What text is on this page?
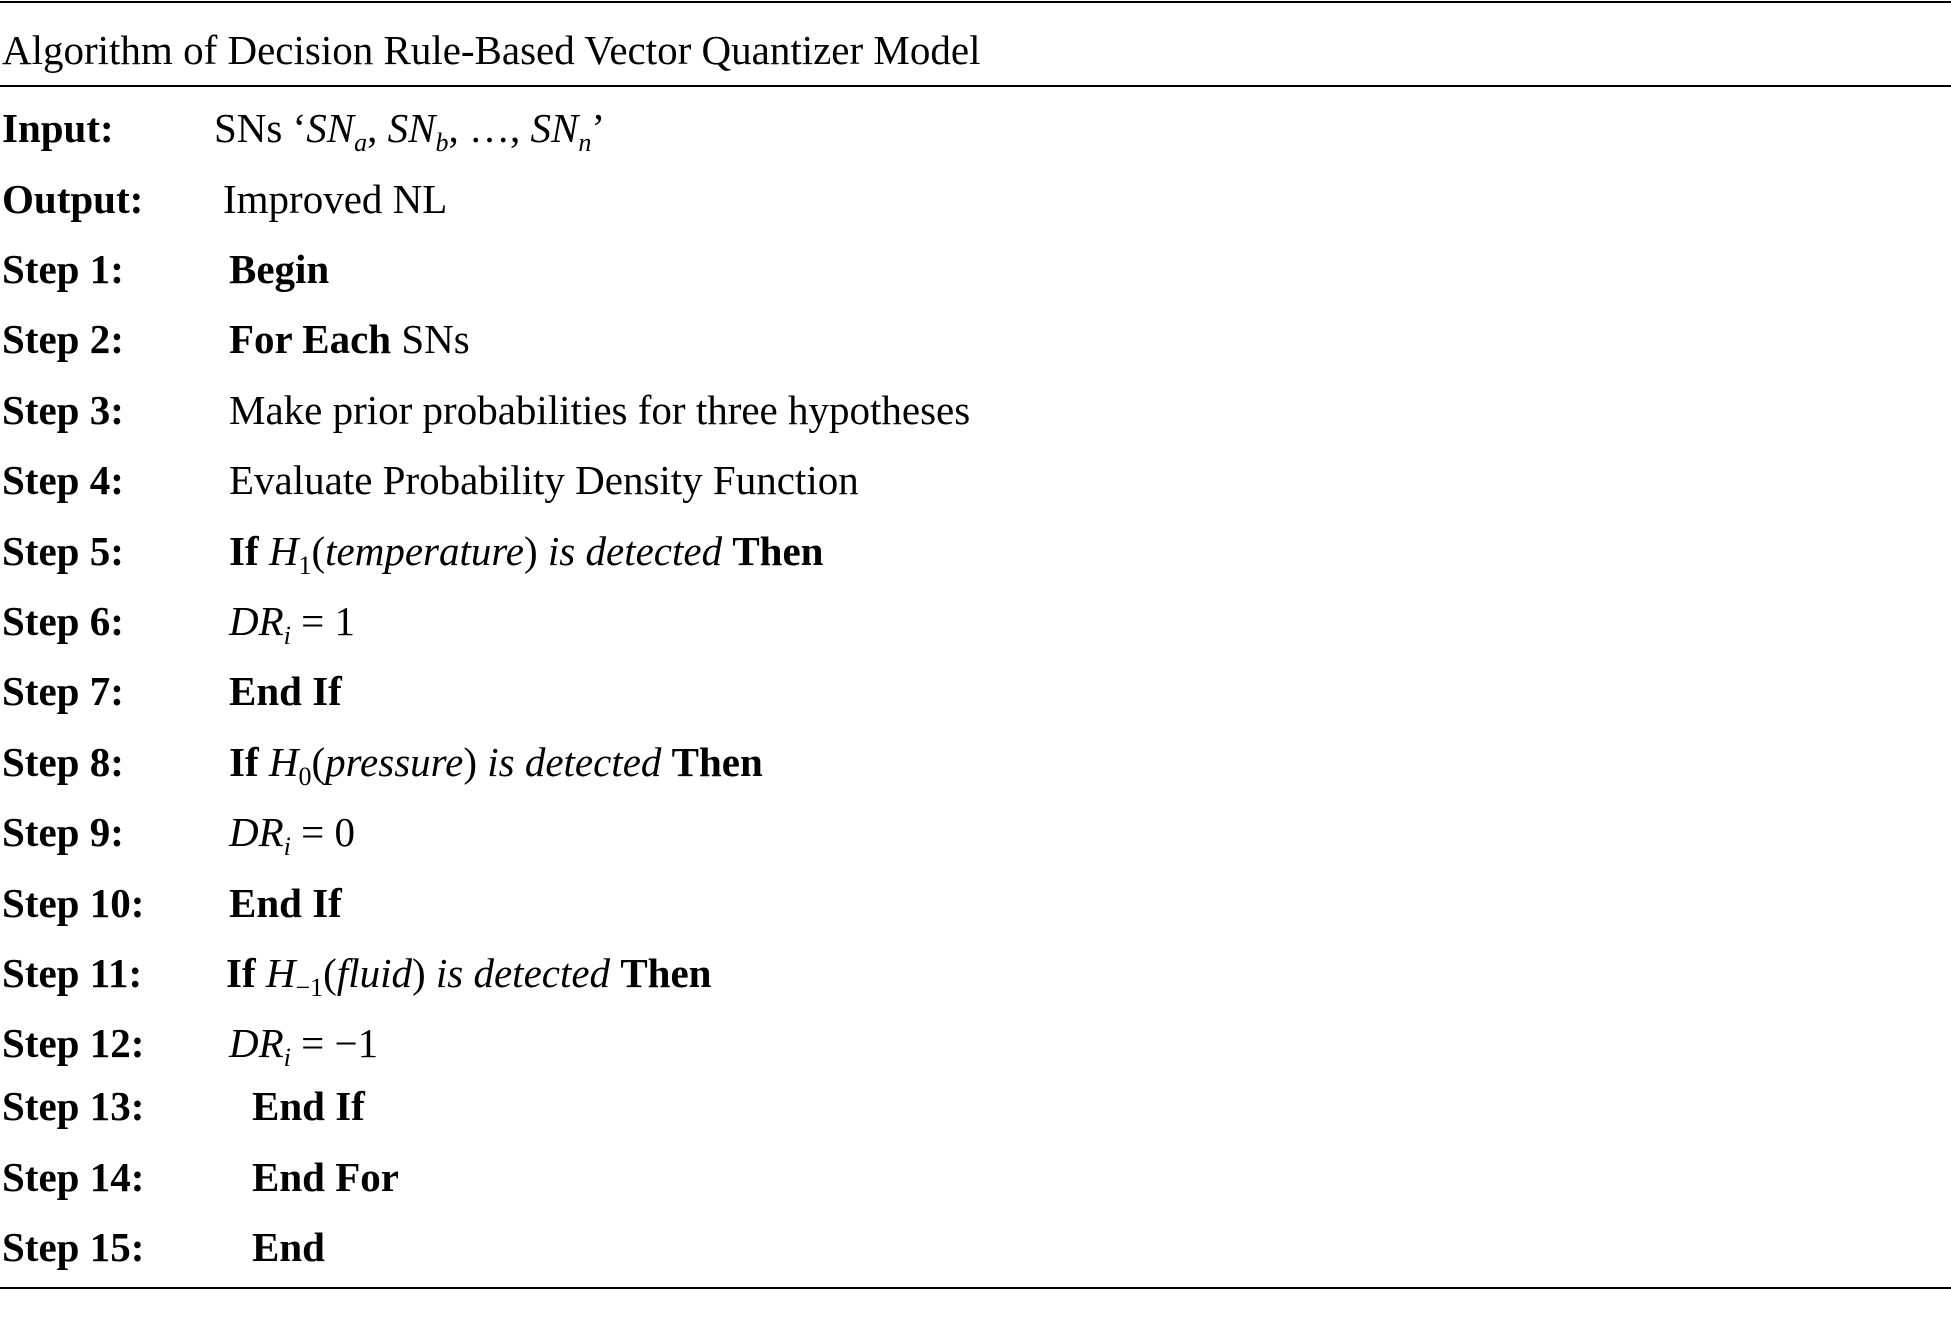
Algorithm of Decision Rule-Based Vector Quantizer Model
Input: SNs ‘$SN_a$, $SN_b$, …, $SN_n$’
Output: Improved NL
Step 1:	Begin
Step 2:	For Each SNs
Step 3:	Make prior probabilities for three hypotheses
Step 4:	Evaluate Probability Density Function
Step 5:	If $H_1(temperature)$ is detected Then
Step 6:	$DR_i = 1$
Step 7:	End If
Step 8:	If $H_0(pressure)$ is detected Then
Step 9:	$DR_i = 0$
Step 10: End If
Step 11: If $H_{-1}(fluid)$ is detected Then
Step 12: $DR_i = -1$
Step 13:	End If
Step 14:	End For
Step 15:	End
